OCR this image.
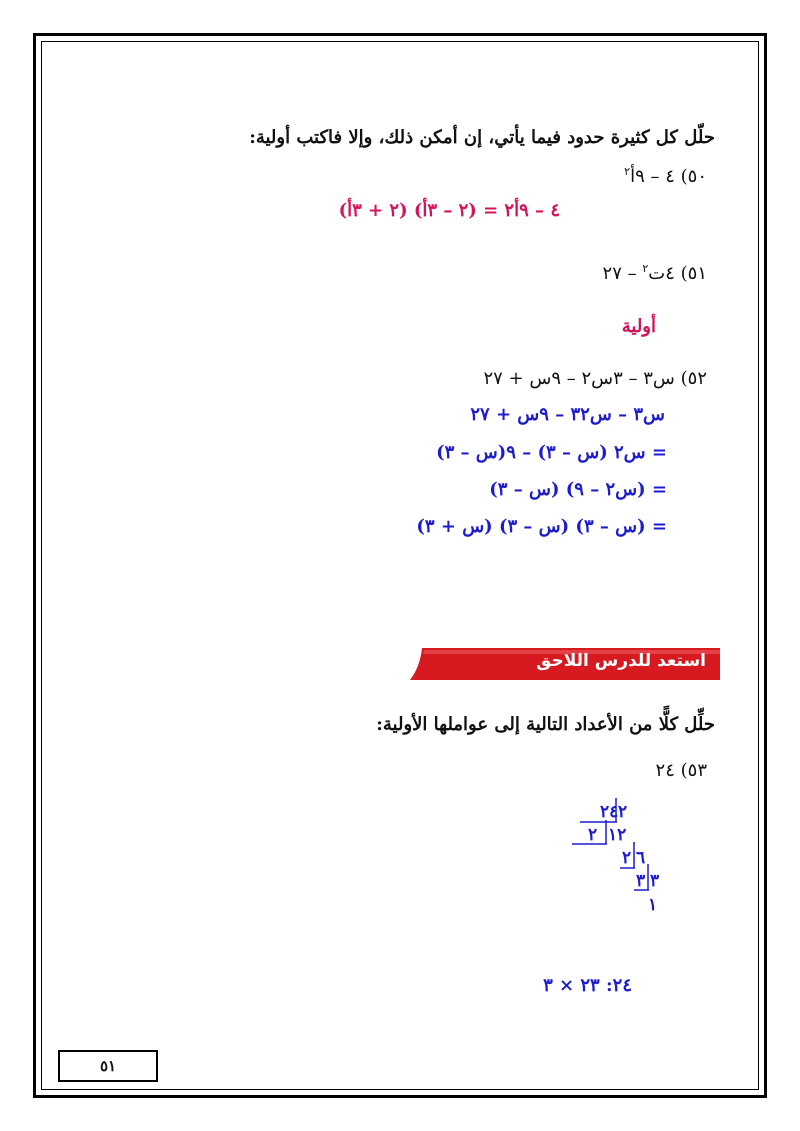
حلّل كل كثيرة حدود فيما يأتي، إن أمكن ذلك، وإلا فاكتب أولية:
٥٠) ٤ – ٩أ$^٢$
٤ – ٩أ٢ = (٢ – ٣أ) (٢ + ٣أ)
٥١) ٤ت$^٢$ – ٢٧
أولية
٥٢) س٣ – ٣س٢ – ٩س + ٢٧
س٣ – س٣٢ – ٩س + ٢٧
= س٢ (س – ٣) – ٩(س – ٣)
= (س٢ – ٩) (س – ٣)
= (س – ٣) (س – ٣) (س + ٣)
استعد للدرس اللاحق
حلِّل كلًّا من الأعداد التالية إلى عواملها الأولية:
٥٣) ٢٤
٢٤ ٢
٢ ١٢
٢ ٦
٣ ٣
١
٢٤: ٢٣ × ٣
٥١
